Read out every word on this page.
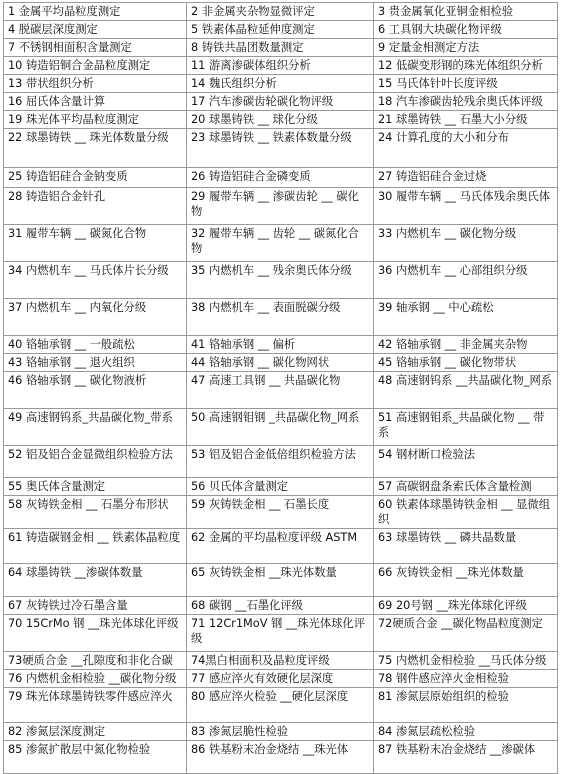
1 金属平均晶粒度测定	2 非金属夹杂物显微评定	3 贵金属氧化亚铜金相检验
4 脱碳层深度测定	5 铁素体晶粒延伸度测定	6 工具钢大块碳化物评级
7 不锈钢相面积含量测定	8 铸铁共晶团数量测定	9 定量金相测定方法
10 铸造铝铜合金晶粒度测定	11 游离渗碳体组织分析	12 低碳变形钢的珠光体组织分析
13 带状组织分析	14 魏氏组织分析	15 马氏体针叶长度评级
16 屈氏体含量计算	17 汽车渗碳齿轮碳化物评级	18 汽车渗碳齿轮残余奥氏体评级
19 珠光体平均晶粒度测定	20 球墨铸铁 __ 球化分级	21 球墨铸铁 __ 石墨大小分级
22 球墨铸铁 __ 珠光体数量分级	23 球墨铸铁 __ 铁素体数量分级	24 计算孔度的大小和分布
25 铸造铝硅合金钠变质	26 铸造铝硅合金磷变质	27 铸造铝硅合金过烧
28 铸造铝合金针孔	29 履带车辆 __ 渗碳齿轮 __ 碳化物	30 履带车辆 __ 马氏体残余奥氏体
31 履带车辆 __ 碳氮化合物	32 履带车辆 __ 齿轮 __ 碳氮化合物	33 内燃机车 __ 碳化物分级
34 内燃机车 __ 马氏体片长分级	35 内燃机车 __ 残余奥氏体分级	36 内燃机车 __ 心部组织分级
37 内燃机车 __ 内氧化分级	38 内燃机车 __ 表面脱碳分级	39 轴承钢 __ 中心疏松
40 铬轴承钢 __ 一般疏松	41 铬轴承钢 __ 偏析	42 铬轴承钢 __ 非金属夹杂物
43 铬轴承钢 __ 退火组织	44 铬轴承钢 __ 碳化物网状	45 铬轴承钢 __ 碳化物带状
46 铬轴承钢 __ 碳化物液析	47 高速工具钢 __ 共晶碳化物	48 高速钢钨系 __共晶碳化物_网系
49 高速钢钨系_共晶碳化物_带系	50 高速钢钼钢 _共晶碳化物_网系	51 高速钢钼系_共晶碳化物 __ 带系
52 铝及铝合金显微组织检验方法	53 铝及铝合金低倍组织检验方法	54 钢材断口检验法
55 奥氏体含量测定	56 贝氏体含量测定	57 高碳钢盘条索氏体含量检测
58 灰铸铁金相 __ 石墨分布形状	59 灰铸铁金相 __ 石墨长度	60 铁素体球墨铸铁金相 __ 显微组织
61 铸造碳钢金相 __ 铁素体晶粒度	62 金属的平均晶粒度评级 ASTM	63 球墨铸铁 __ 磷共晶数量
64 球墨铸铁 __渗碳体数量	65 灰铸铁金相 __珠光体数量	66 灰铸铁金相 __珠光体数量
67 灰铸铁过冷石墨含量	68 碳钢 __石墨化评级	69 20号钢 __珠光体球化评级
70 15CrMo 钢 __珠光体球化评级	71 12Cr1MoV 钢 __珠光体球化评级	72硬质合金 __碳化物晶粒度测定
73硬质合金 __孔隙度和非化合碳	74黑白相面积及晶粒度评级	75 内燃机金相检验 __马氏体分级
76 内燃机金相检验 __碳化物分级	77 感应淬火有效硬化层深度	78 钢件感应淬火金相检验
79 珠光体球墨铸铁零件感应淬火	80 感应淬火检验 __硬化层深度	81 渗氮层原始组织的检验
82 渗氮层深度测定	83 渗氮层脆性检验	84 渗氮层疏松检验
85 渗氮扩散层中氮化物检验	86 铁基粉末冶金烧结 __珠光体	87 铁基粉末冶金烧结 __渗碳体
